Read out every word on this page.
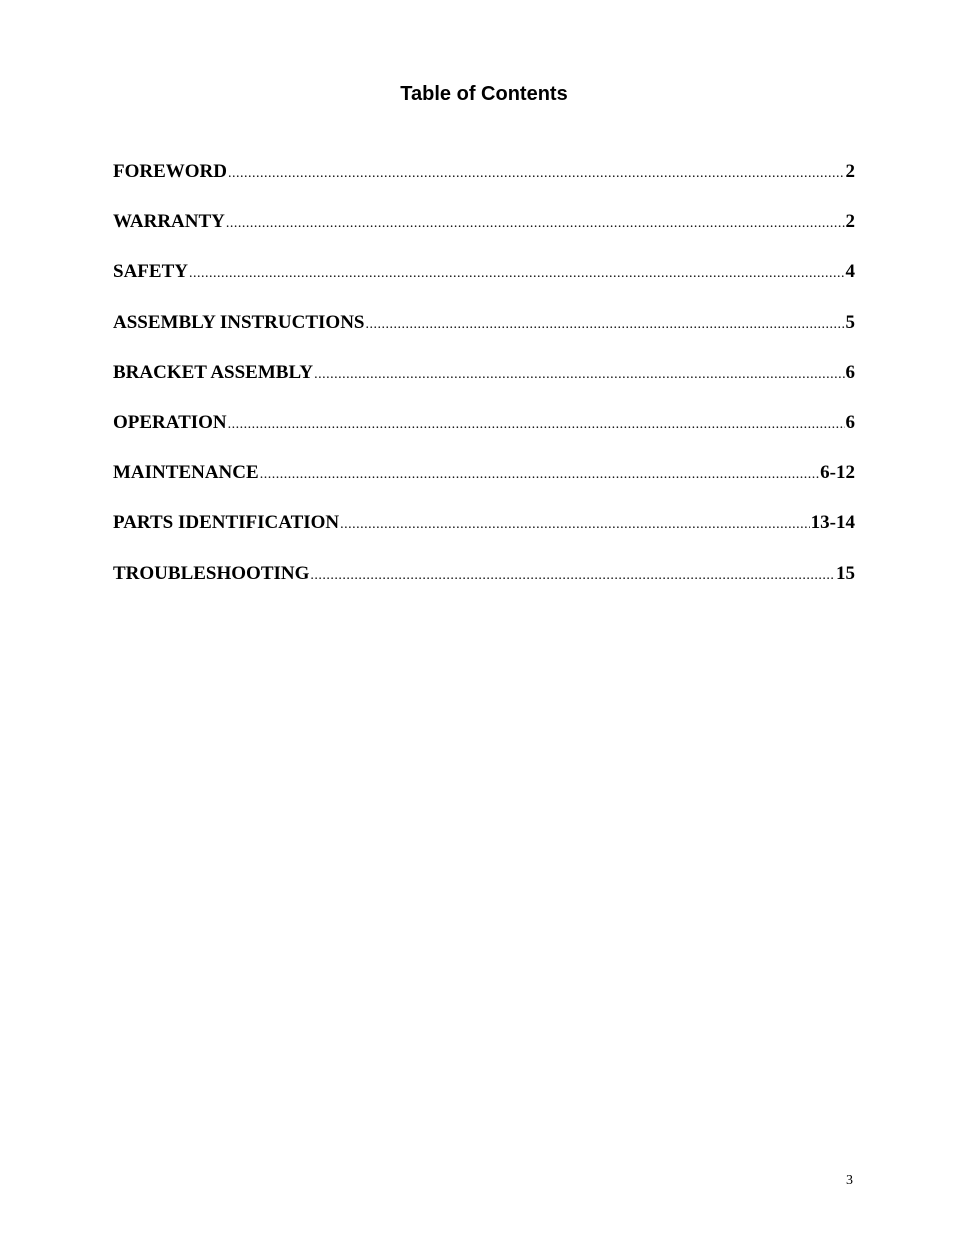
Table of Contents
FOREWORD .....	2
WARRANTY .....	2
SAFETY .....	4
ASSEMBLY INSTRUCTIONS .....	5
BRACKET ASSEMBLY .....	6
OPERATION .....	6
MAINTENANCE .....	6-12
PARTS IDENTIFICATION .....	13-14
TROUBLESHOOTING .....	15
3
